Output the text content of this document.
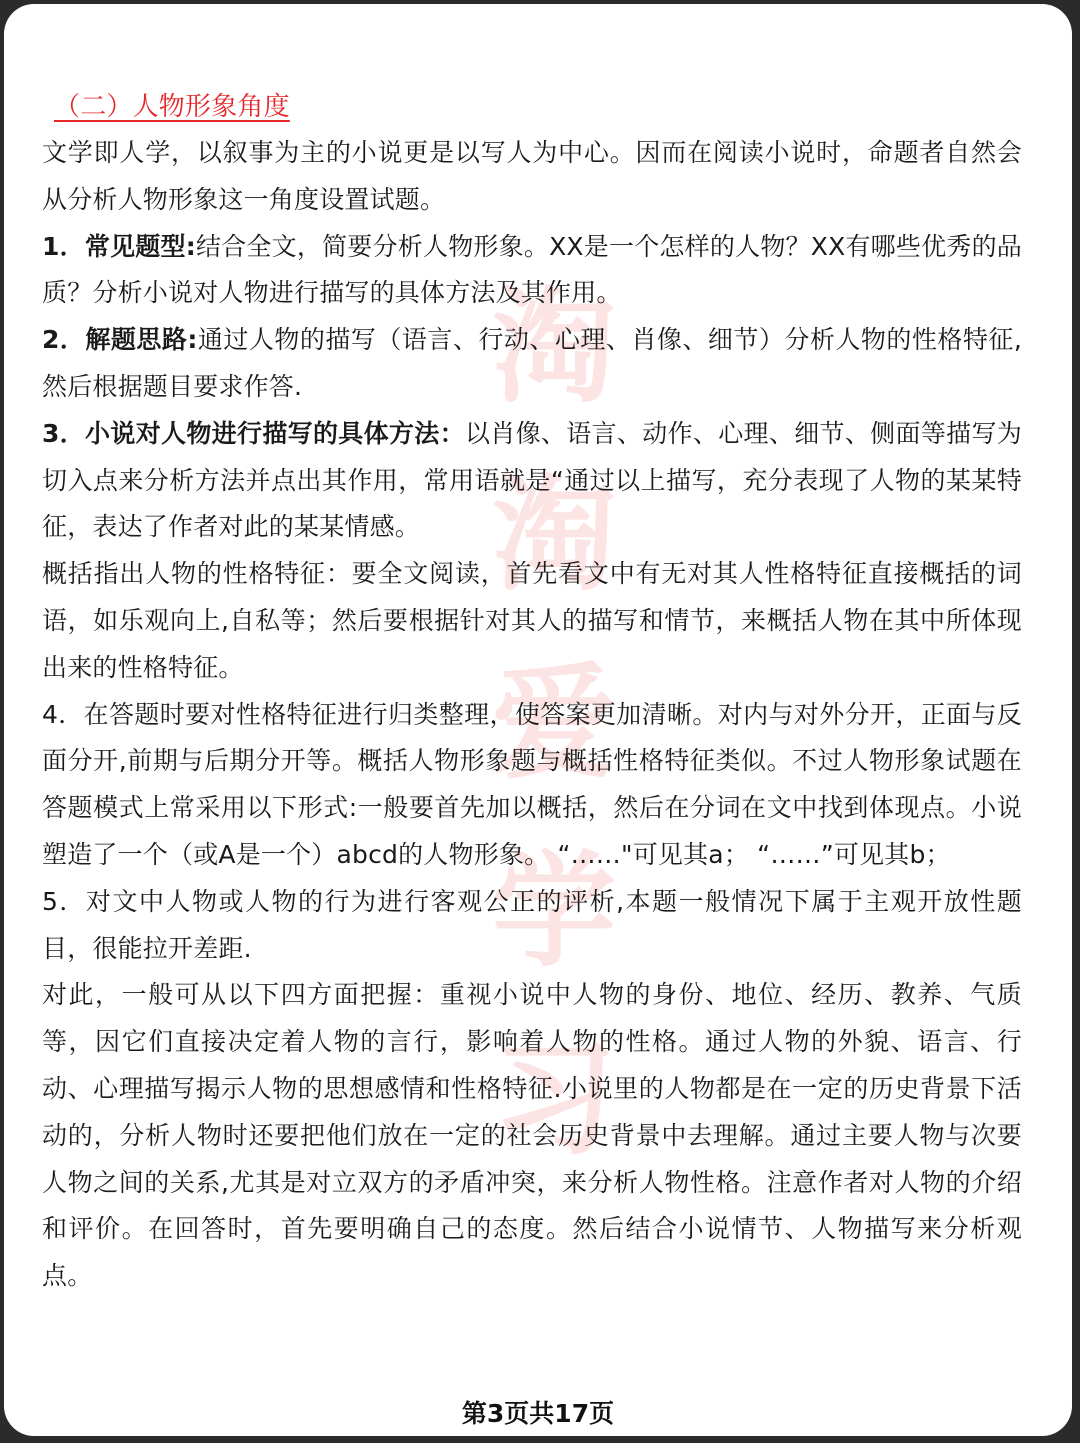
淘
淘
爱
学
习

（二）人物形象角度

文学即人学，以叙事为主的小说更是以写人为中心。因而在阅读小说时，命题者自然会从分析人物形象这一角度设置试题。

1．常见题型:结合全文，简要分析人物形象。XX是一个怎样的人物？XX有哪些优秀的品质？分析小说对人物进行描写的具体方法及其作用。

2．解题思路:通过人物的描写（语言、行动、心理、肖像、细节）分析人物的性格特征,然后根据题目要求作答.

3．小说对人物进行描写的具体方法：以肖像、语言、动作、心理、细节、侧面等描写为切入点来分析方法并点出其作用，常用语就是“通过以上描写，充分表现了人物的某某特征，表达了作者对此的某某情感。

概括指出人物的性格特征：要全文阅读，首先看文中有无对其人性格特征直接概括的词语，如乐观向上,自私等；然后要根据针对其人的描写和情节，来概括人物在其中所体现出来的性格特征。

4．在答题时要对性格特征进行归类整理，使答案更加清晰。对内与对外分开，正面与反面分开,前期与后期分开等。概括人物形象题与概括性格特征类似。不过人物形象试题在答题模式上常采用以下形式:一般要首先加以概括，然后在分词在文中找到体现点。小说塑造了一个（或A是一个）abcd的人物形象。 “……"可见其a； “……”可见其b；

5．对文中人物或人物的行为进行客观公正的评析,本题一般情况下属于主观开放性题目，很能拉开差距.

对此，一般可从以下四方面把握：重视小说中人物的身份、地位、经历、教养、气质等，因它们直接决定着人物的言行，影响着人物的性格。通过人物的外貌、语言、行动、心理描写揭示人物的思想感情和性格特征.小说里的人物都是在一定的历史背景下活动的，分析人物时还要把他们放在一定的社会历史背景中去理解。通过主要人物与次要人物之间的关系,尤其是对立双方的矛盾冲突，来分析人物性格。注意作者对人物的介绍和评价。在回答时，首先要明确自己的态度。然后结合小说情节、人物描写来分析观点。

第3页共17页
